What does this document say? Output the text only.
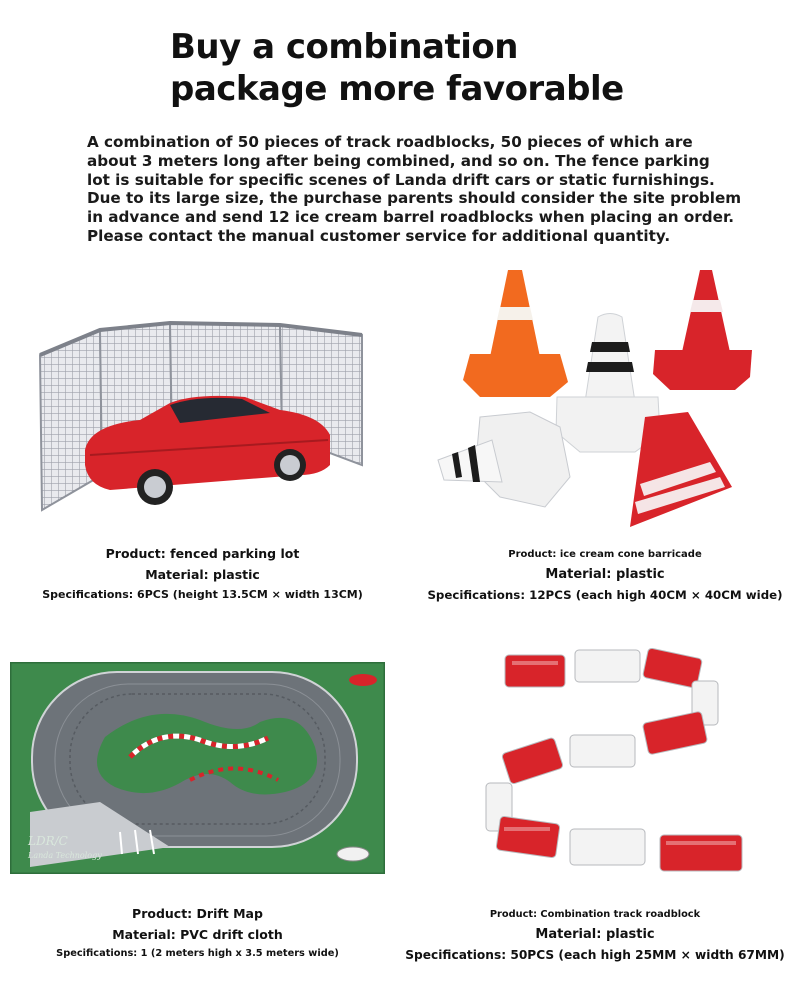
Buy a combination
package more favorable
A combination of 50 pieces of track roadblocks, 50 pieces of which are
about 3 meters long after being combined, and so on. The fence parking
lot is suitable for specific scenes of Landa drift cars or static furnishings.
Due to its large size, the purchase parents should consider the site problem
in advance and send 12 ice cream barrel roadblocks when placing an order.
Please contact the manual customer service for additional quantity.
Product: fenced parking lot
Material: plastic
Specifications: 6PCS (height 13.5CM × width 13CM)
Product: ice cream cone barricade
Material: plastic
Specifications: 12PCS (each high 40CM × 40CM wide)
LDR/C
Landa Technology
Product: Drift Map
Material: PVC drift cloth
Specifications: 1 (2 meters high x 3.5 meters wide)
Product: Combination track roadblock
Material: plastic
Specifications: 50PCS (each high 25MM × width 67MM)
